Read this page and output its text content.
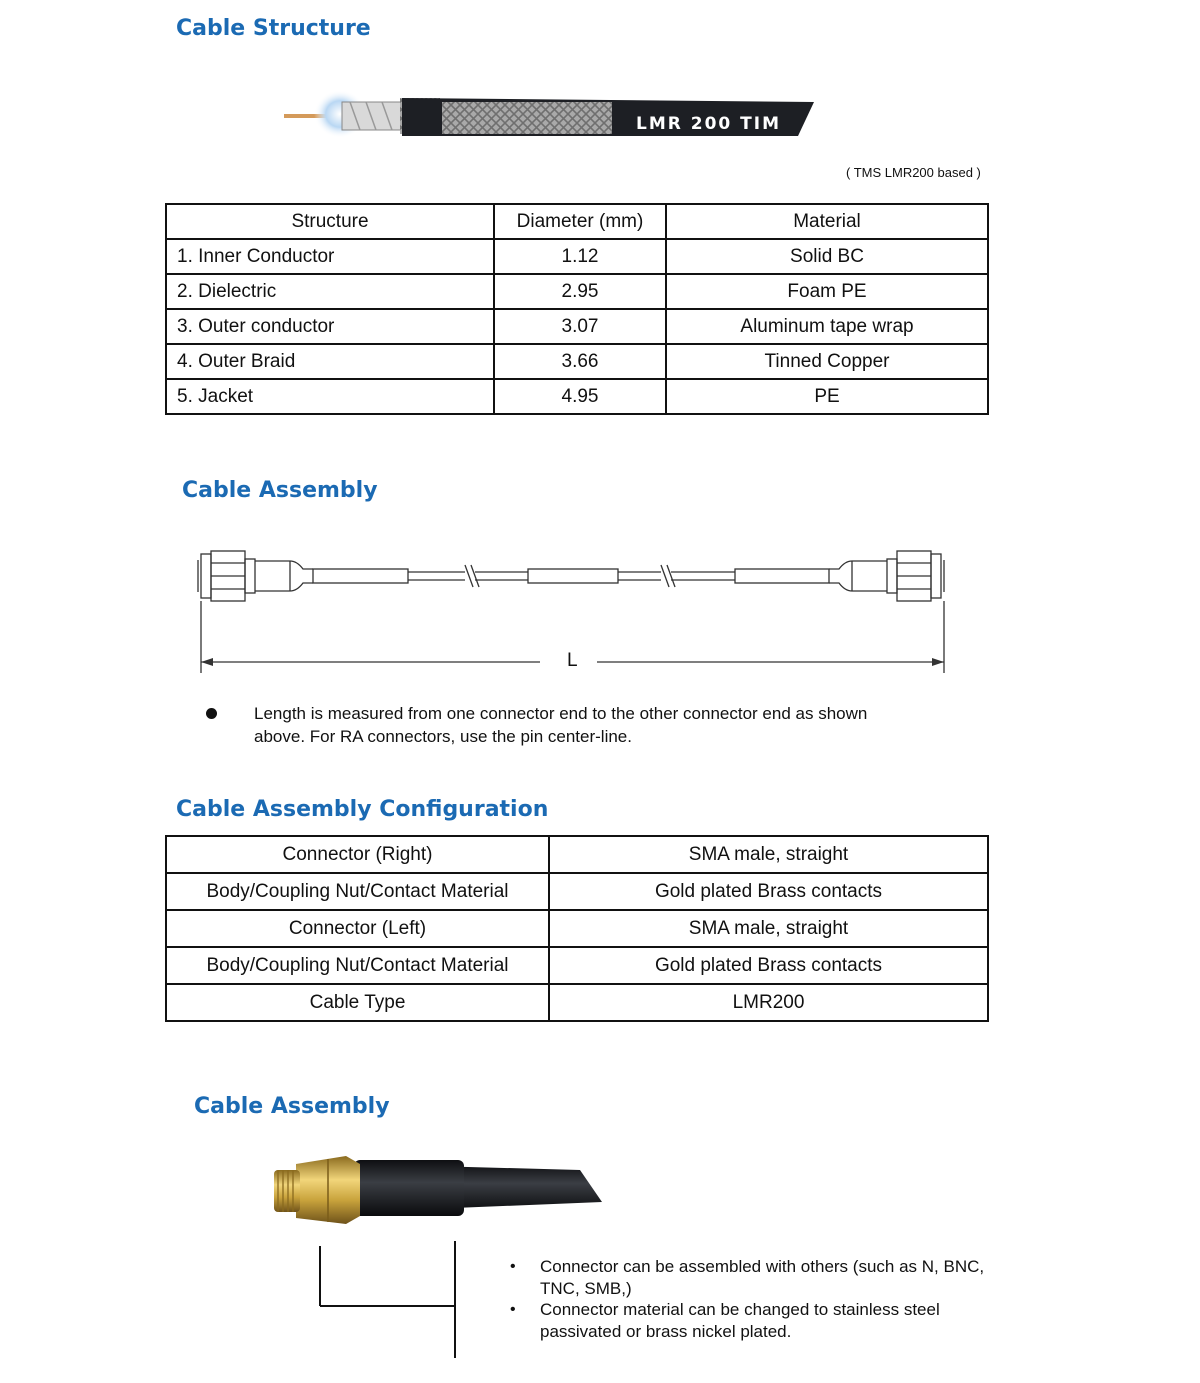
Cable Structure
LMR 200 TIM
( TMS LMR200 based )
Structure	Diameter (mm)	Material
1. Inner Conductor	1.12	Solid BC
2. Dielectric	2.95	Foam PE
3. Outer conductor	3.07	Aluminum tape wrap
4. Outer Braid	3.66	Tinned Copper
5. Jacket	4.95	PE
Cable Assembly
L
Length is measured from one connector end to the other connector end as shown
above. For RA connectors, use the pin center-line.
Cable Assembly Configuration
Connector (Right)	SMA male, straight
Body/Coupling Nut/Contact Material	Gold plated Brass contacts
Connector (Left)	SMA male, straight
Body/Coupling Nut/Contact Material	Gold plated Brass contacts
Cable Type	LMR200
Cable Assembly
• Connector can be assembled with others (such as N, BNC,
TNC, SMB,)
• Connector material can be changed to stainless steel
passivated or brass nickel plated.
